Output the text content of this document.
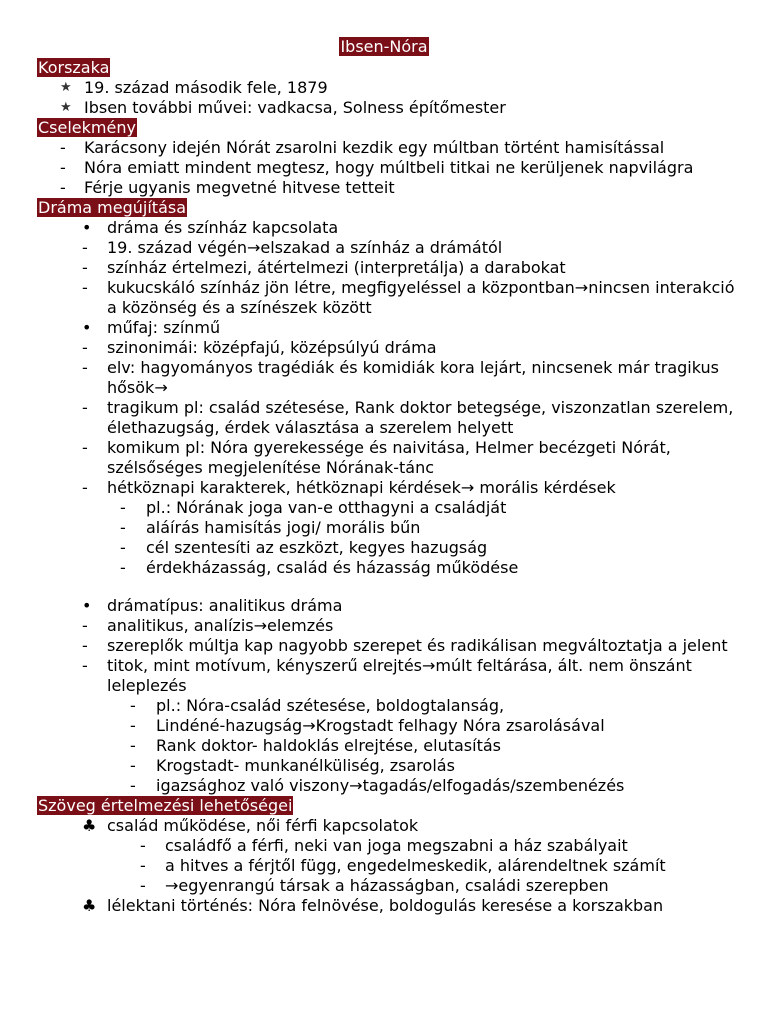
Ibsen-Nóra
Korszaka
★ 19. század második fele, 1879
★ Ibsen további művei: vadkacsa, Solness építőmester
Cselekmény
- Karácsony idején Nórát zsarolni kezdik egy múltban történt hamisítással
- Nóra emiatt mindent megtesz, hogy múltbeli titkai ne kerüljenek napvilágra
- Férje ugyanis megvetné hitvese tetteit
Dráma megújítása
• dráma és színház kapcsolata
- 19. század végén→elszakad a színház a drámától
- színház értelmezi, átértelmezi (interpretálja) a darabokat
- kukucskáló színház jön létre, megfigyeléssel a központban→nincsen interakció a közönség és a színészek között
• műfaj: színmű
- szinonimái: középfajú, középsúlyú dráma
- elv: hagyományos tragédiák és komidiák kora lejárt, nincsenek már tragikus hősök→
- tragikum pl: család szétesése, Rank doktor betegsége, viszonzatlan szerelem, élethazugság, érdek választása a szerelem helyett
- komikum pl: Nóra gyerekessége és naivitása, Helmer becézgeti Nórát, szélsőséges megjelenítése Nórának-tánc
- hétköznapi karakterek, hétköznapi kérdések→ morális kérdések
- pl.: Nórának joga van-e otthagyni a családját
- aláírás hamisítás jogi/ morális bűn
- cél szentesíti az eszközt, kegyes hazugság
- érdekházasság, család és házasság működése
• drámatípus: analitikus dráma
- analitikus, analízis→elemzés
- szereplők múltja kap nagyobb szerepet és radikálisan megváltoztatja a jelent
- titok, mint motívum, kényszerű elrejtés→múlt feltárása, ált. nem önszánt leleplezés
- pl.: Nóra-család szétesése, boldogtalanság,
- Lindéné-hazugság→Krogstadt felhagy Nóra zsarolásával
- Rank doktor- haldoklás elrejtése, elutasítás
- Krogstadt- munkanélküliség, zsarolás
- igazsághoz való viszony→tagadás/elfogadás/szembenézés
Szöveg értelmezési lehetőségei
♣ család működése, női férfi kapcsolatok
- családfő a férfi, neki van joga megszabni a ház szabályait
- a hitves a férjtől függ, engedelmeskedik, alárendeltnek számít
- →egyenrangú társak a házasságban, családi szerepben
♣ lélektani történés: Nóra felnövése, boldogulás keresése a korszakban
